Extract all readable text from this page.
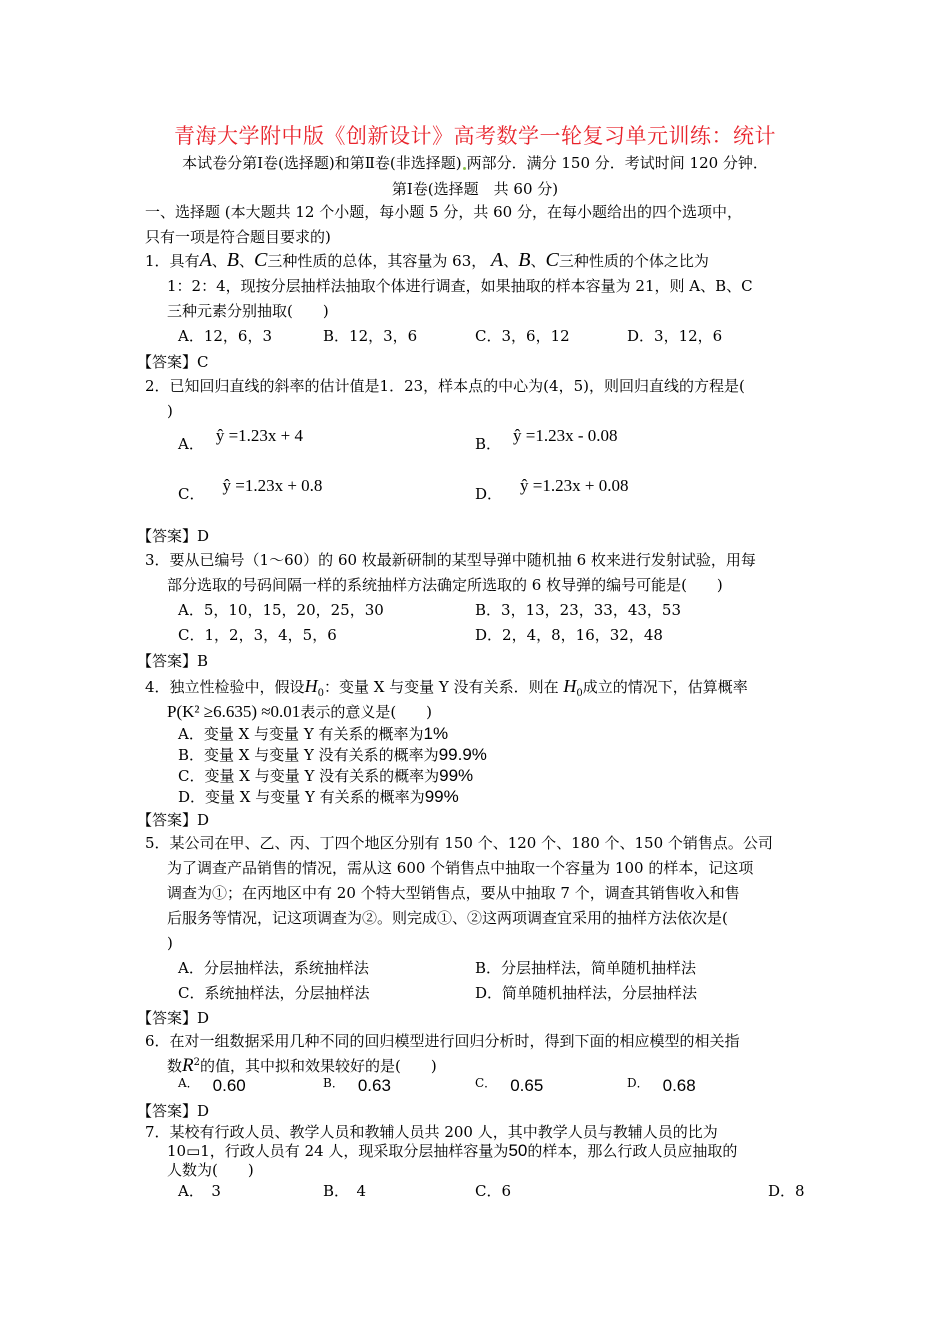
青海大学附中版《创新设计》高考数学一轮复习单元训练：统计
本试卷分第Ⅰ卷(选择题)和第Ⅱ卷(非选择题) 两部分．满分 150 分．考试时间 120 分钟．
第Ⅰ卷(选择题　共 60 分)
一、选择题 (本大题共 12 个小题，每小题 5 分，共 60 分，在每小题给出的四个选项中，
只有一项是符合题目要求的)
1．具有A、B、C三种性质的总体，其容量为 63， A、B、C三种性质的个体之比为
1：2：4，现按分层抽样法抽取个体进行调查，如果抽取的样本容量为 21，则 A、B、C
三种元素分别抽取(　　)
A．12，6，3	B．12，3，6	C．3，6，12	D．3，12，6
【答案】C
2．已知回归直线的斜率的估计值是1．23，样本点的中心为(4，5)，则回归直线的方程是(
)
A． ŷ =1.23x + 4	B． ŷ =1.23x - 0.08
C． ŷ =1.23x + 0.8	D． ŷ =1.23x + 0.08
【答案】D
3．要从已编号（1～60）的 60 枚最新研制的某型导弹中随机抽 6 枚来进行发射试验，用每
部分选取的号码间隔一样的系统抽样方法确定所选取的 6 枚导弹的编号可能是(　　)
A．5，10，15，20，25，30	B．3，13，23，33，43，53
C．1，2，3，4，5，6	D．2，4，8，16，32，48
【答案】B
4．独立性检验中，假设$H_0$：变量 X 与变量 Y 没有关系．则在 $H_0$成立的情况下，估算概率
P(K² ≥6.635) ≈0.01表示的意义是(　　)
A．变量 X 与变量 Y 有关系的概率为1%
B．变量 X 与变量 Y 没有关系的概率为99.9%
C．变量 X 与变量 Y 没有关系的概率为99%
D．变量 X 与变量 Y 有关系的概率为99%
【答案】D
5．某公司在甲、乙、丙、丁四个地区分别有 150 个、120 个、180 个、150 个销售点。公司
为了调查产品销售的情况，需从这 600 个销售点中抽取一个容量为 100 的样本，记这项
调查为①；在丙地区中有 20 个特大型销售点，要从中抽取 7 个，调查其销售收入和售
后服务等情况，记这项调查为②。则完成①、②这两项调查宜采用的抽样方法依次是(
)
A．分层抽样法，系统抽样法	B．分层抽样法，简单随机抽样法
C．系统抽样法，分层抽样法	D．简单随机抽样法，分层抽样法
【答案】D
6．在对一组数据采用几种不同的回归模型进行回归分析时，得到下面的相应模型的相关指
数$R^2$的值，其中拟和效果较好的是(　　)
$^{A.}$ 0.60	$^{B.}$ 0.63	$^{C.}$ 0.65	$^{D.}$ 0.68
【答案】D
7．某校有行政人员、教学人员和教辅人员共 200 人，其中教学人员与教辅人员的比为
10▭1，行政人员有 24 人，现采取分层抽样容量为50的样本，那么行政人员应抽取的
人数为(　　)
A．　3	B．　4	C．6	D．8
